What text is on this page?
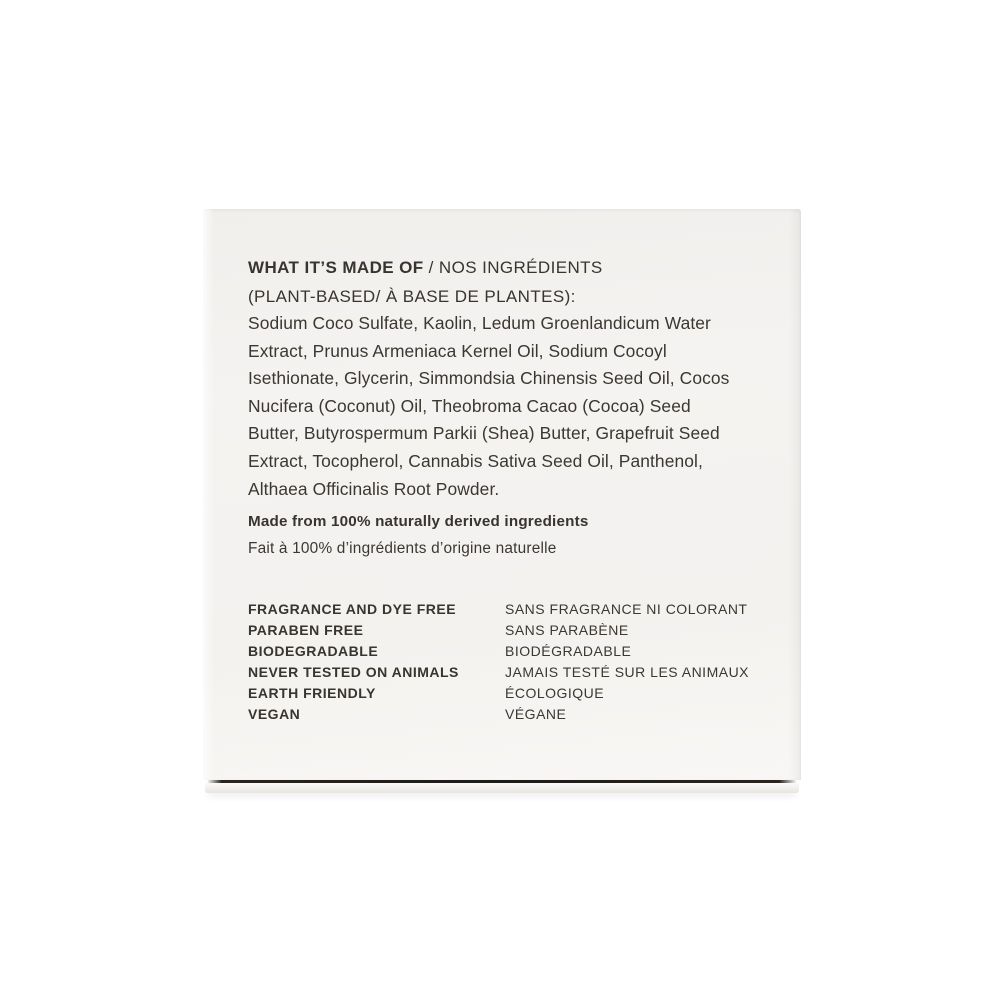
WHAT IT’S MADE OF / NOS INGRÉDIENTS
(PLANT-BASED/ À BASE DE PLANTES):
Sodium Coco Sulfate, Kaolin, Ledum Groenlandicum Water
Extract, Prunus Armeniaca Kernel Oil, Sodium Cocoyl
Isethionate, Glycerin, Simmondsia Chinensis Seed Oil, Cocos
Nucifera (Coconut) Oil, Theobroma Cacao (Cocoa) Seed
Butter, Butyrospermum Parkii (Shea) Butter, Grapefruit Seed
Extract, Tocopherol, Cannabis Sativa Seed Oil, Panthenol,
Althaea Officinalis Root Powder.
Made from 100% naturally derived ingredients
Fait à 100% d’ingrédients d’origine naturelle
FRAGRANCE AND DYE FREE	SANS FRAGRANCE NI COLORANT
PARABEN FREE	SANS PARABÈNE
BIODEGRADABLE	BIODÉGRADABLE
NEVER TESTED ON ANIMALS	JAMAIS TESTÉ SUR LES ANIMAUX
EARTH FRIENDLY	ÉCOLOGIQUE
VEGAN	VÉGANE
